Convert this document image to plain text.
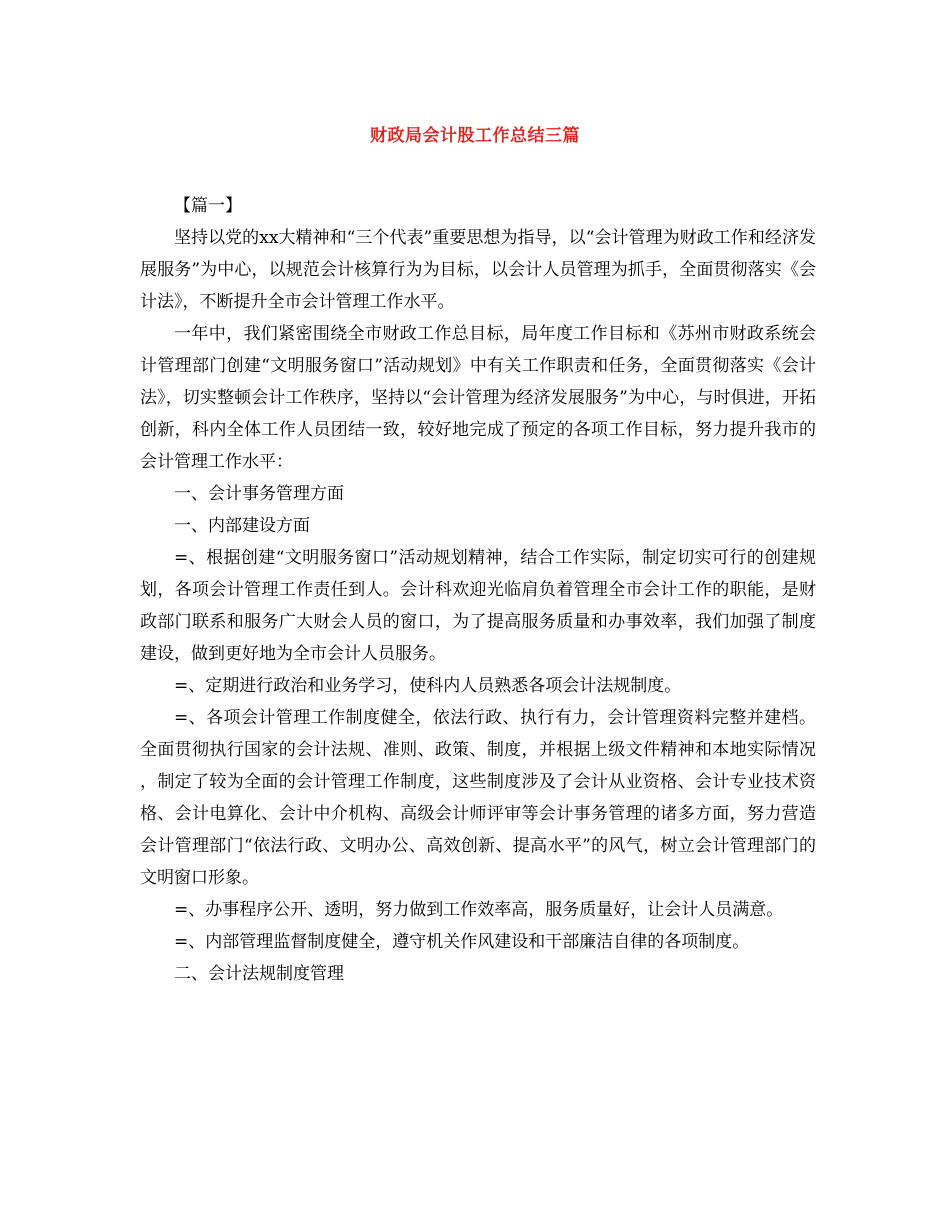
财政局会计股工作总结三篇

【篇一】

坚持以党的xx大精神和“三个代表”重要思想为指导，以“会计管理为财政工作和经济发展服务”为中心，以规范会计核算行为为目标，以会计人员管理为抓手，全面贯彻落实《会计法》，不断提升全市会计管理工作水平。

一年中，我们紧密围绕全市财政工作总目标，局年度工作目标和《苏州市财政系统会计管理部门创建“文明服务窗口”活动规划》中有关工作职责和任务，全面贯彻落实《会计法》，切实整顿会计工作秩序，坚持以“会计管理为经济发展服务”为中心，与时俱进，开拓创新，科内全体工作人员团结一致，较好地完成了预定的各项工作目标，努力提升我市的会计管理工作水平：

一、会计事务管理方面

一、内部建设方面

=、根据创建“文明服务窗口”活动规划精神，结合工作实际，制定切实可行的创建规划，各项会计管理工作责任到人。会计科欢迎光临肩负着管理全市会计工作的职能，是财政部门联系和服务广大财会人员的窗口，为了提高服务质量和办事效率，我们加强了制度建设，做到更好地为全市会计人员服务。

=、定期进行政治和业务学习，使科内人员熟悉各项会计法规制度。

=、各项会计管理工作制度健全，依法行政、执行有力，会计管理资料完整并建档。全面贯彻执行国家的会计法规、准则、政策、制度，并根据上级文件精神和本地实际情况，制定了较为全面的会计管理工作制度，这些制度涉及了会计从业资格、会计专业技术资格、会计电算化、会计中介机构、高级会计师评审等会计事务管理的诸多方面，努力营造会计管理部门“依法行政、文明办公、高效创新、提高水平”的风气，树立会计管理部门的文明窗口形象。

=、办事程序公开、透明，努力做到工作效率高，服务质量好，让会计人员满意。

=、内部管理监督制度健全，遵守机关作风建设和干部廉洁自律的各项制度。

二、会计法规制度管理
